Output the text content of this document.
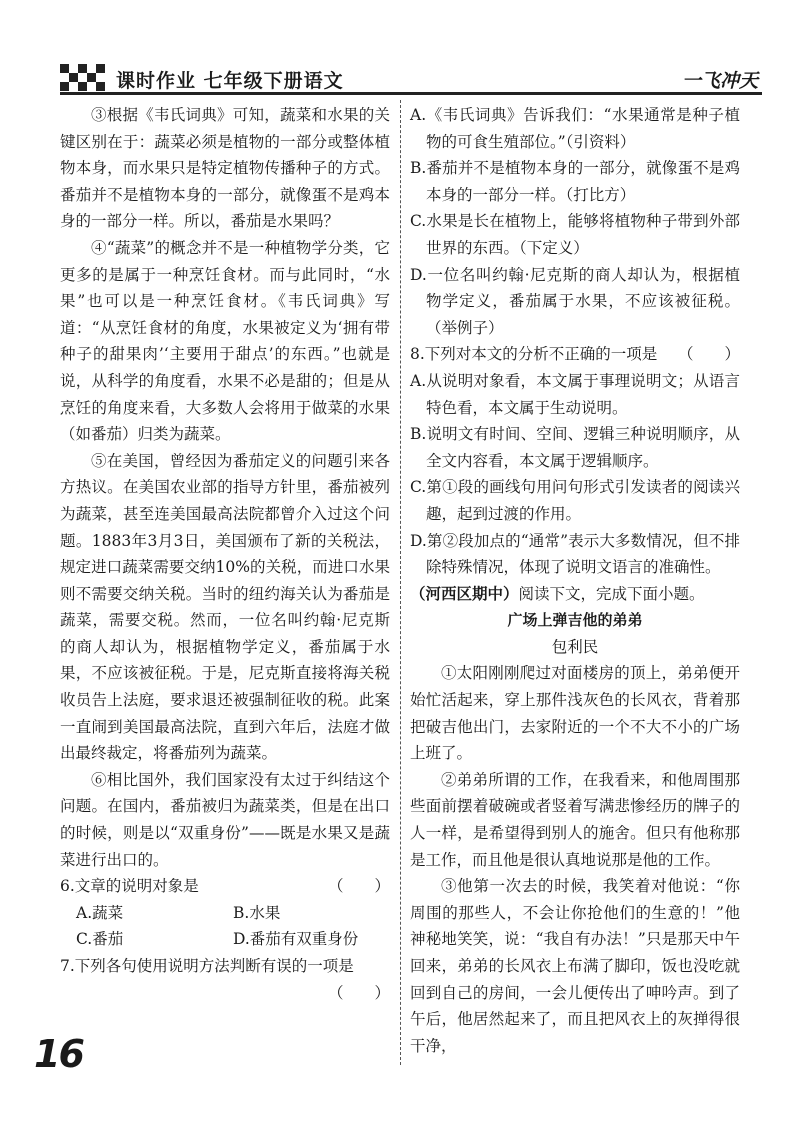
课时作业 七年级下册语文	一飞冲天

③根据《韦氏词典》可知，蔬菜和水果的关键区别在于：蔬菜必须是植物的一部分或整体植物本身，而水果只是特定植物传播种子的方式。番茄并不是植物本身的一部分，就像蛋不是鸡本身的一部分一样。所以，番茄是水果吗？

④“蔬菜”的概念并不是一种植物学分类，它更多的是属于一种烹饪食材。而与此同时，“水果”也可以是一种烹饪食材。《韦氏词典》写道：“从烹饪食材的角度，水果被定义为‘拥有带种子的甜果肉’‘主要用于甜点’的东西。”也就是说，从科学的角度看，水果不必是甜的；但是从烹饪的角度来看，大多数人会将用于做菜的水果（如番茄）归类为蔬菜。

⑤在美国，曾经因为番茄定义的问题引来各方热议。在美国农业部的指导方针里，番茄被列为蔬菜，甚至连美国最高法院都曾介入过这个问题。1883年3月3日，美国颁布了新的关税法，规定进口蔬菜需要交纳10%的关税，而进口水果则不需要交纳关税。当时的纽约海关认为番茄是蔬菜，需要交税。然而，一位名叫约翰·尼克斯的商人却认为，根据植物学定义，番茄属于水果，不应该被征税。于是，尼克斯直接将海关税收员告上法庭，要求退还被强制征收的税。此案一直闹到美国最高法院，直到六年后，法庭才做出最终裁定，将番茄列为蔬菜。

⑥相比国外，我们国家没有太过于纠结这个问题。在国内，番茄被归为蔬菜类，但是在出口的时候，则是以“双重身份”——既是水果又是蔬菜进行出口的。

6.文章的说明对象是	（　　）

A.蔬菜	B.水果
C.番茄	D.番茄有双重身份

7.下列各句使用说明方法判断有误的一项是

（　　）

A.《韦氏词典》告诉我们：“水果通常是种子植物的可食生殖部位。”（引资料）

B.番茄并不是植物本身的一部分，就像蛋不是鸡本身的一部分一样。（打比方）

C.水果是长在植物上，能够将植物种子带到外部世界的东西。（下定义）

D.一位名叫约翰·尼克斯的商人却认为，根据植物学定义，番茄属于水果，不应该被征税。（举例子）

8.下列对本文的分析不正确的一项是 （　　）

A.从说明对象看，本文属于事理说明文；从语言特色看，本文属于生动说明。

B.说明文有时间、空间、逻辑三种说明顺序，从全文内容看，本文属于逻辑顺序。

C.第①段的画线句用问句形式引发读者的阅读兴趣，起到过渡的作用。

D.第②段加点的“通常”表示大多数情况，但不排除特殊情况，体现了说明文语言的准确性。

（河西区期中）阅读下文，完成下面小题。

广场上弹吉他的弟弟

包利民

①太阳刚刚爬过对面楼房的顶上，弟弟便开始忙活起来，穿上那件浅灰色的长风衣，背着那把破吉他出门，去家附近的一个不大不小的广场上班了。

②弟弟所谓的工作，在我看来，和他周围那些面前摆着破碗或者竖着写满悲惨经历的牌子的人一样，是希望得到别人的施舍。但只有他称那是工作，而且他是很认真地说那是他的工作。

③他第一次去的时候，我笑着对他说：“你周围的那些人，不会让你抢他们的生意的！”他神秘地笑笑，说：“我自有办法！”只是那天中午回来，弟弟的长风衣上布满了脚印，饭也没吃就回到自己的房间，一会儿便传出了呻吟声。到了午后，他居然起来了，而且把风衣上的灰掸得很干净，

16
